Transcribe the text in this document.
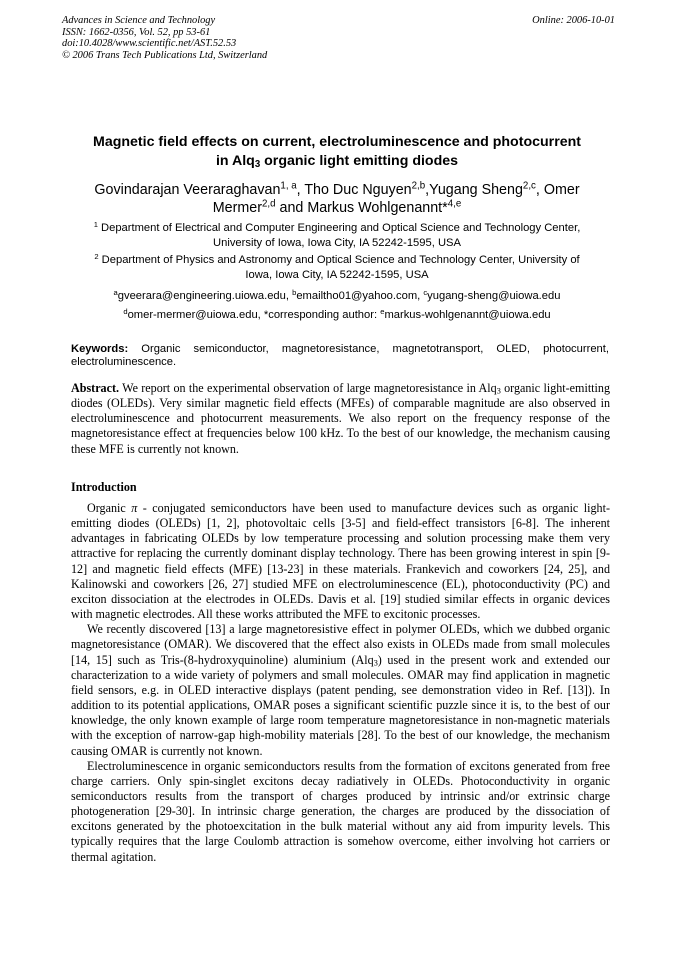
Advances in Science and Technology
ISSN: 1662-0356, Vol. 52, pp 53-61
doi:10.4028/www.scientific.net/AST.52.53
© 2006 Trans Tech Publications Ltd, Switzerland
Online: 2006-10-01
Magnetic field effects on current, electroluminescence and photocurrent
in Alq$_3$ organic light emitting diodes
Govindarajan Veeraraghavan$^{1, a}$, Tho Duc Nguyen$^{2,b}$,Yugang Sheng$^{2,c}$, Omer Mermer$^{2,d}$ and Markus Wohlgenannt*$^{4,e}$
$^1$ Department of Electrical and Computer Engineering and Optical Science and Technology Center,
University of Iowa, Iowa City, IA 52242-1595, USA
$^2$ Department of Physics and Astronomy and Optical Science and Technology Center, University of
Iowa, Iowa City, IA 52242-1595, USA
$^a$gveerara@engineering.uiowa.edu, $^b$emailtho01@yahoo.com, $^c$yugang-sheng@uiowa.edu
$^d$omer-mermer@uiowa.edu, *corresponding author: $^e$markus-wohlgenannt@uiowa.edu
Keywords: Organic semiconductor, magnetoresistance, magnetotransport, OLED, photocurrent, electroluminescence.
Abstract. We report on the experimental observation of large magnetoresistance in Alq$_3$ organic light-emitting diodes (OLEDs). Very similar magnetic field effects (MFEs) of comparable magnitude are also observed in electroluminescence and photocurrent measurements. We also report on the frequency response of the magnetoresistance effect at frequencies below 100 kHz. To the best of our knowledge, the mechanism causing these MFE is currently not known.
Introduction

Organic π - conjugated semiconductors have been used to manufacture devices such as organic light-emitting diodes (OLEDs) [1, 2], photovoltaic cells [3-5] and field-effect transistors [6-8]. The inherent advantages in fabricating OLEDs by low temperature processing and solution processing make them very attractive for replacing the currently dominant display technology. There has been growing interest in spin [9-12] and magnetic field effects (MFE) [13-23] in these materials. Frankevich and coworkers [24, 25], and Kalinowski and coworkers [26, 27] studied MFE on electroluminescence (EL), photoconductivity (PC) and exciton dissociation at the electrodes in OLEDs. Davis et al. [19] studied similar effects in organic devices with magnetic electrodes. All these works attributed the MFE to excitonic processes.

We recently discovered [13] a large magnetoresistive effect in polymer OLEDs, which we dubbed organic magnetoresistance (OMAR). We discovered that the effect also exists in OLEDs made from small molecules [14, 15] such as Tris-(8-hydroxyquinoline) aluminium (Alq$_3$) used in the present work and extended our characterization to a wide variety of polymers and small molecules. OMAR may find application in magnetic field sensors, e.g. in OLED interactive displays (patent pending, see demonstration video in Ref. [13]). In addition to its potential applications, OMAR poses a significant scientific puzzle since it is, to the best of our knowledge, the only known example of large room temperature magnetoresistance in non-magnetic materials with the exception of narrow-gap high-mobility materials [28]. To the best of our knowledge, the mechanism causing OMAR is currently not known.

Electroluminescence in organic semiconductors results from the formation of excitons generated from free charge carriers. Only spin-singlet excitons decay radiatively in OLEDs. Photoconductivity in organic semiconductors results from the transport of charges produced by intrinsic and/or extrinsic charge photogeneration [29-30]. In intrinsic charge generation, the charges are produced by the dissociation of excitons generated by the photoexcitation in the bulk material without any aid from impurity levels. This typically requires that the large Coulomb attraction is somehow overcome, either involving hot carriers or thermal agitation.
